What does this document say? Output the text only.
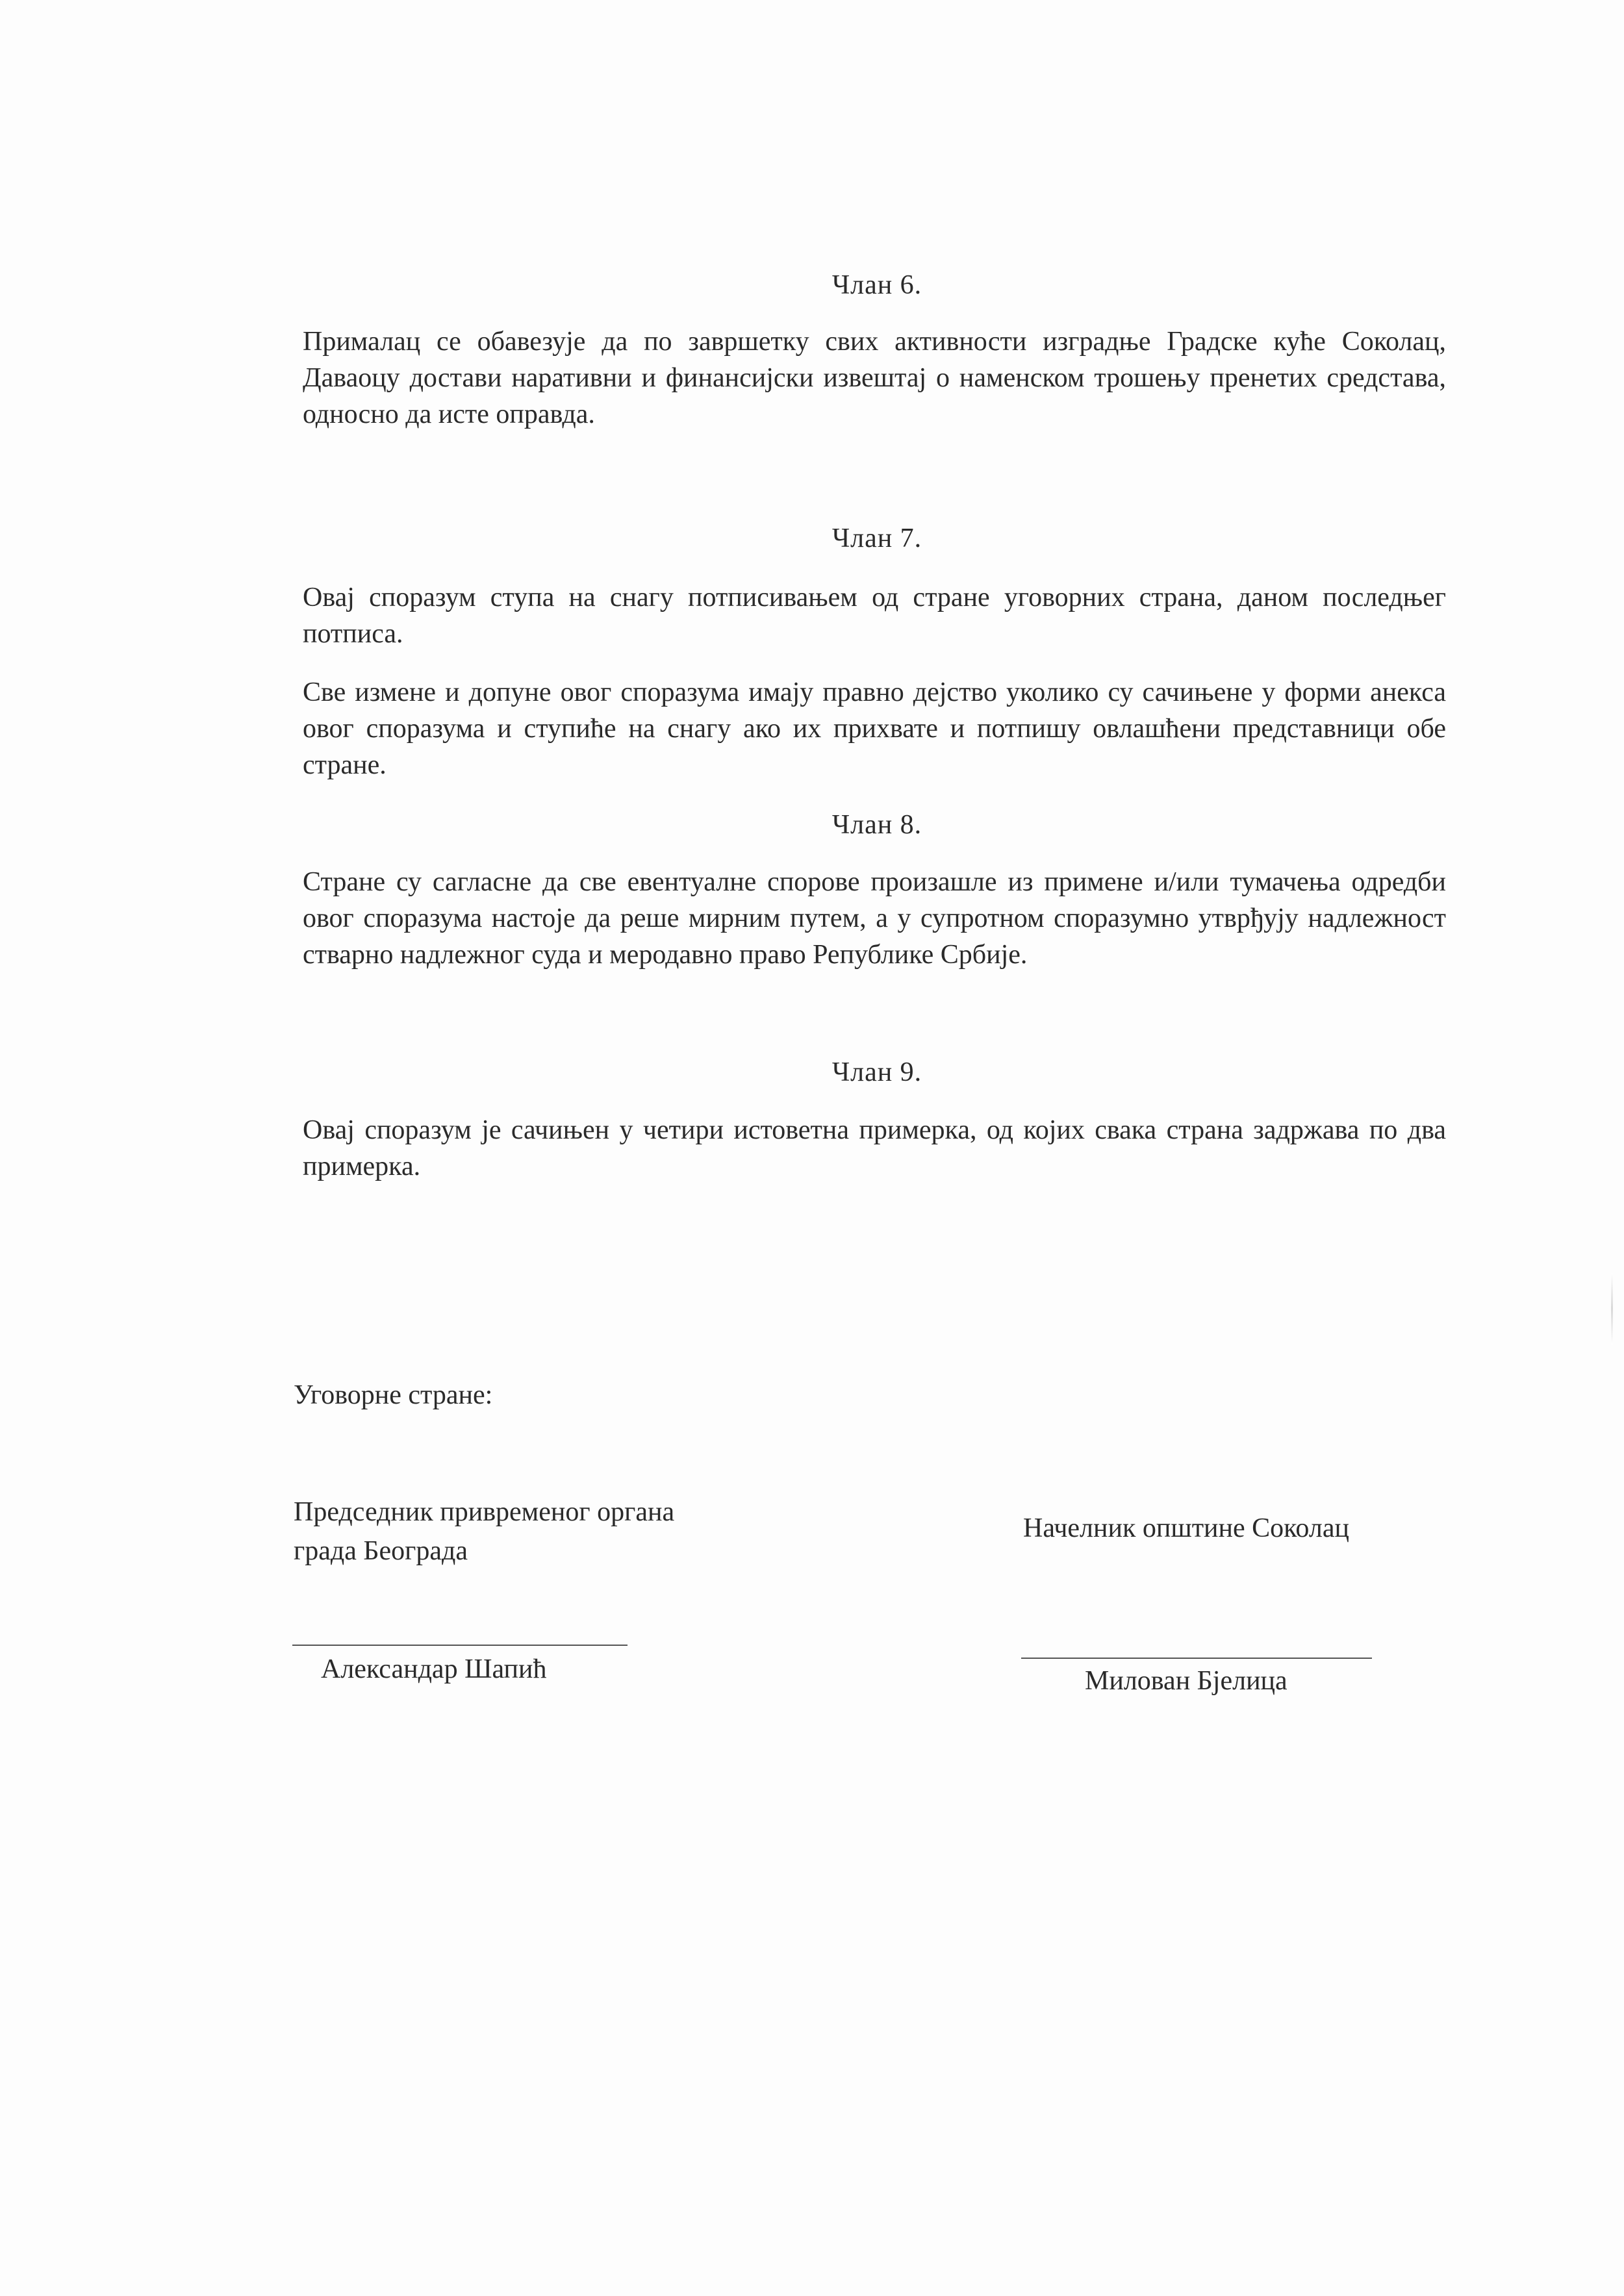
Члан 6.
Прималац се обавезује да по завршетку свих активности изградње Градске куће Соколац, Даваоцу достави наративни и финансијски извештај о наменском трошењу пренетих средстава, односно да исте оправда.
Члан 7.
Овај споразум ступа на снагу потписивањем од стране уговорних страна, даном последњег потписа.
Све измене и допуне овог споразума имају правно дејство уколико су сачињене у форми анекса овог споразума и ступиће на снагу ако их прихвате и потпишу овлашћени представници обе стране.
Члан 8.
Стране су сагласне да све евентуалне спорове произашле из примене и/или тумачења одредби овог споразума настоје да реше мирним путем, а у супротном споразумно утврђују надлежност стварно надлежног суда и меродавно право Републике Србије.
Члан 9.
Овај споразум је сачињен у четири истоветна примерка, од којих свака страна задржава по два примерка.
Уговорне стране:
Председник привременог органа
града Београда
Александар Шапић
Начелник општине Соколац
Милован Бјелица
